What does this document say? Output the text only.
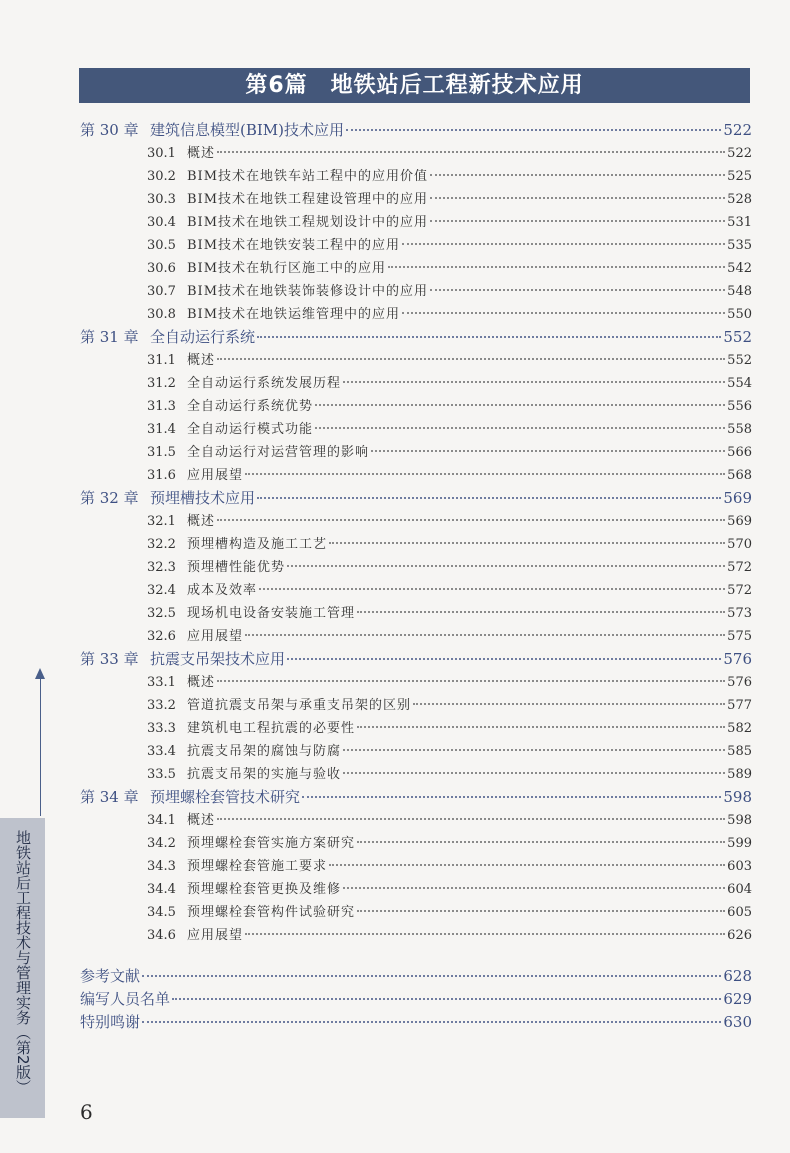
第6篇　地铁站后工程新技术应用
第 30 章 建筑信息模型(BIM)技术应用	522
30.1 概述	522
30.2 BIM技术在地铁车站工程中的应用价值	525
30.3 BIM技术在地铁工程建设管理中的应用	528
30.4 BIM技术在地铁工程规划设计中的应用	531
30.5 BIM技术在地铁安装工程中的应用	535
30.6 BIM技术在轨行区施工中的应用	542
30.7 BIM技术在地铁装饰装修设计中的应用	548
30.8 BIM技术在地铁运维管理中的应用	550
第 31 章 全自动运行系统	552
31.1 概述	552
31.2 全自动运行系统发展历程	554
31.3 全自动运行系统优势	556
31.4 全自动运行模式功能	558
31.5 全自动运行对运营管理的影响	566
31.6 应用展望	568
第 32 章 预埋槽技术应用	569
32.1 概述	569
32.2 预埋槽构造及施工工艺	570
32.3 预埋槽性能优势	572
32.4 成本及效率	572
32.5 现场机电设备安装施工管理	573
32.6 应用展望	575
第 33 章 抗震支吊架技术应用	576
33.1 概述	576
33.2 管道抗震支吊架与承重支吊架的区别	577
33.3 建筑机电工程抗震的必要性	582
33.4 抗震支吊架的腐蚀与防腐	585
33.5 抗震支吊架的实施与验收	589
第 34 章 预埋螺栓套管技术研究	598
34.1 概述	598
34.2 预埋螺栓套管实施方案研究	599
34.3 预埋螺栓套管施工要求	603
34.4 预埋螺栓套管更换及维修	604
34.5 预埋螺栓套管构件试验研究	605
34.6 应用展望	626
参考文献	628
编写人员名单	629
特别鸣谢	630
地铁站后工程技术与管理实务（第2版）
6
